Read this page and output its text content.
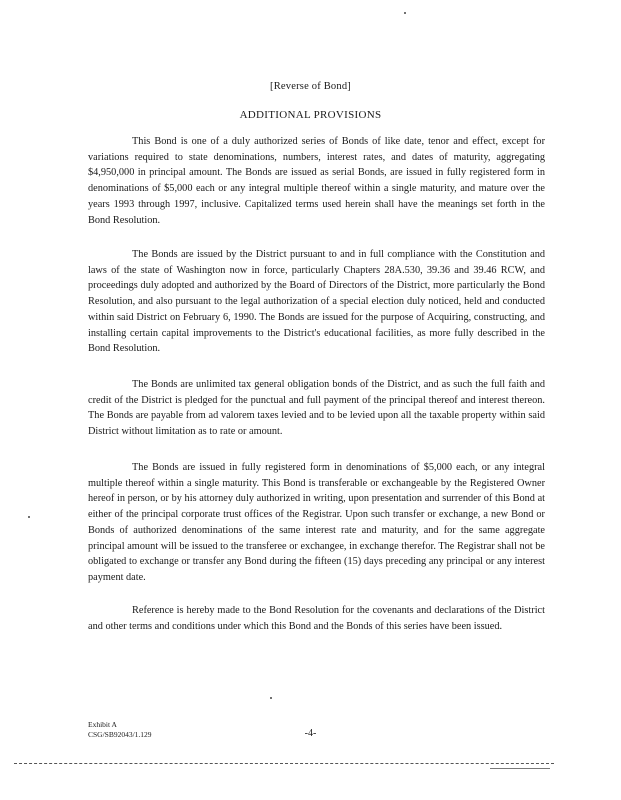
[Reverse of Bond]
ADDITIONAL PROVISIONS

This Bond is one of a duly authorized series of Bonds of like date, tenor and effect, except for variations required to state denominations, numbers, interest rates, and dates of maturity, aggregating $4,950,000 in principal amount. The Bonds are issued as serial Bonds, are issued in fully registered form in denominations of $5,000 each or any integral multiple thereof within a single maturity, and mature over the years 1993 through 1997, inclusive. Capitalized terms used herein shall have the meanings set forth in the Bond Resolution.

The Bonds are issued by the District pursuant to and in full compliance with the Constitution and laws of the state of Washington now in force, particularly Chapters 28A.530, 39.36 and 39.46 RCW, and proceedings duly adopted and authorized by the Board of Directors of the District, more particularly the Bond Resolution, and also pursuant to the legal authorization of a special election duly noticed, held and conducted within said District on February 6, 1990. The Bonds are issued for the purpose of Acquiring, constructing, and installing certain capital improvements to the District's educational facilities, as more fully described in the Bond Resolution.

The Bonds are unlimited tax general obligation bonds of the District, and as such the full faith and credit of the District is pledged for the punctual and full payment of the principal thereof and interest thereon. The Bonds are payable from ad valorem taxes levied and to be levied upon all the taxable property within said District without limitation as to rate or amount.

The Bonds are issued in fully registered form in denominations of $5,000 each, or any integral multiple thereof within a single maturity. This Bond is transferable or exchangeable by the Registered Owner hereof in person, or by his attorney duly authorized in writing, upon presentation and surrender of this Bond at either of the principal corporate trust offices of the Registrar. Upon such transfer or exchange, a new Bond or Bonds of authorized denominations of the same interest rate and maturity, and for the same aggregate principal amount will be issued to the transferee or exchangee, in exchange therefor. The Registrar shall not be obligated to exchange or transfer any Bond during the fifteen (15) days preceding any principal or any interest payment date.

Reference is hereby made to the Bond Resolution for the covenants and declarations of the District and other terms and conditions under which this Bond and the Bonds of this series have been issued.

Exhibit A
CSG/SB92043/1.129	-4-
